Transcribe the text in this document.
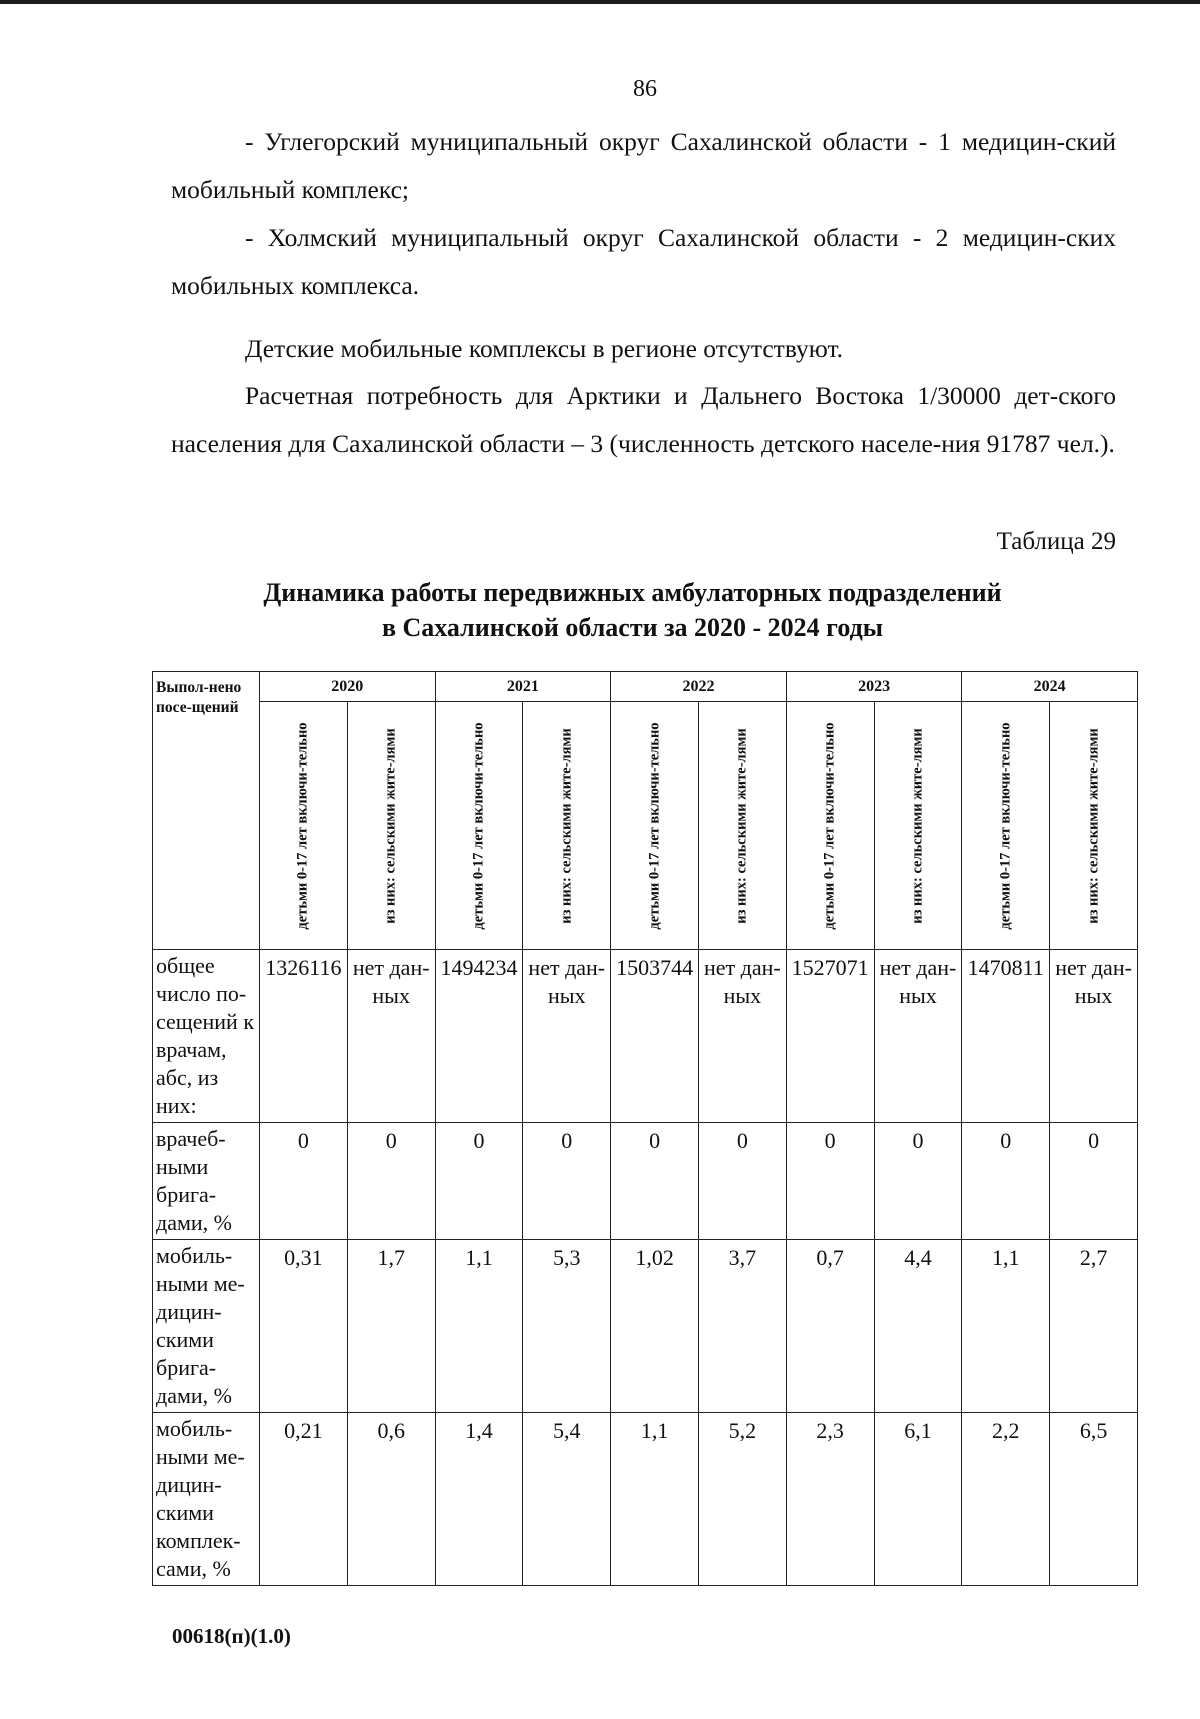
86

- Углегорский муниципальный округ Сахалинской области - 1 медицин-ский мобильный комплекс;

- Холмский муниципальный округ Сахалинской области - 2 медицин-ских мобильных комплекса.

Детские мобильные комплексы в регионе отсутствуют.

Расчетная потребность для Арктики и Дальнего Востока 1/30000 дет-ского населения для Сахалинской области – 3 (численность детского населе-ния 91787 чел.).

Таблица 29
Динамика работы передвижных амбулаторных подразделений
в Сахалинской области за 2020 - 2024 годы
Выпол-нено посе-щений	2020		2021		2022		2023		2024	

	детьми 0-17 лет включи-тельно	из них: сельскими жите-лями	детьми 0-17 лет включи-тельно	из них: сельскими жите-лями	детьми 0-17 лет включи-тельно	из них: сельскими жите-лями	детьми 0-17 лет включи-тельно	из них: сельскими жите-лями	детьми 0-17 лет включи-тельно	из них: сельскими жите-лями

общее число по-сещений к врачам, абс, из них:	1326116	нет дан-ных	1494234	нет дан-ных	1503744	нет дан-ных	1527071	нет дан-ных	1470811	нет дан-ных
врачеб-ными брига-дами, %	0	0	0	0	0	0	0	0	0	0
мобиль-ными ме-дицин-скими брига-дами, %	0,31	1,7	1,1	5,3	1,02	3,7	0,7	4,4	1,1	2,7
мобиль-ными ме-дицин-скими комплек-сами, %	0,21	0,6	1,4	5,4	1,1	5,2	2,3	6,1	2,2	6,5
00618(п)(1.0)
